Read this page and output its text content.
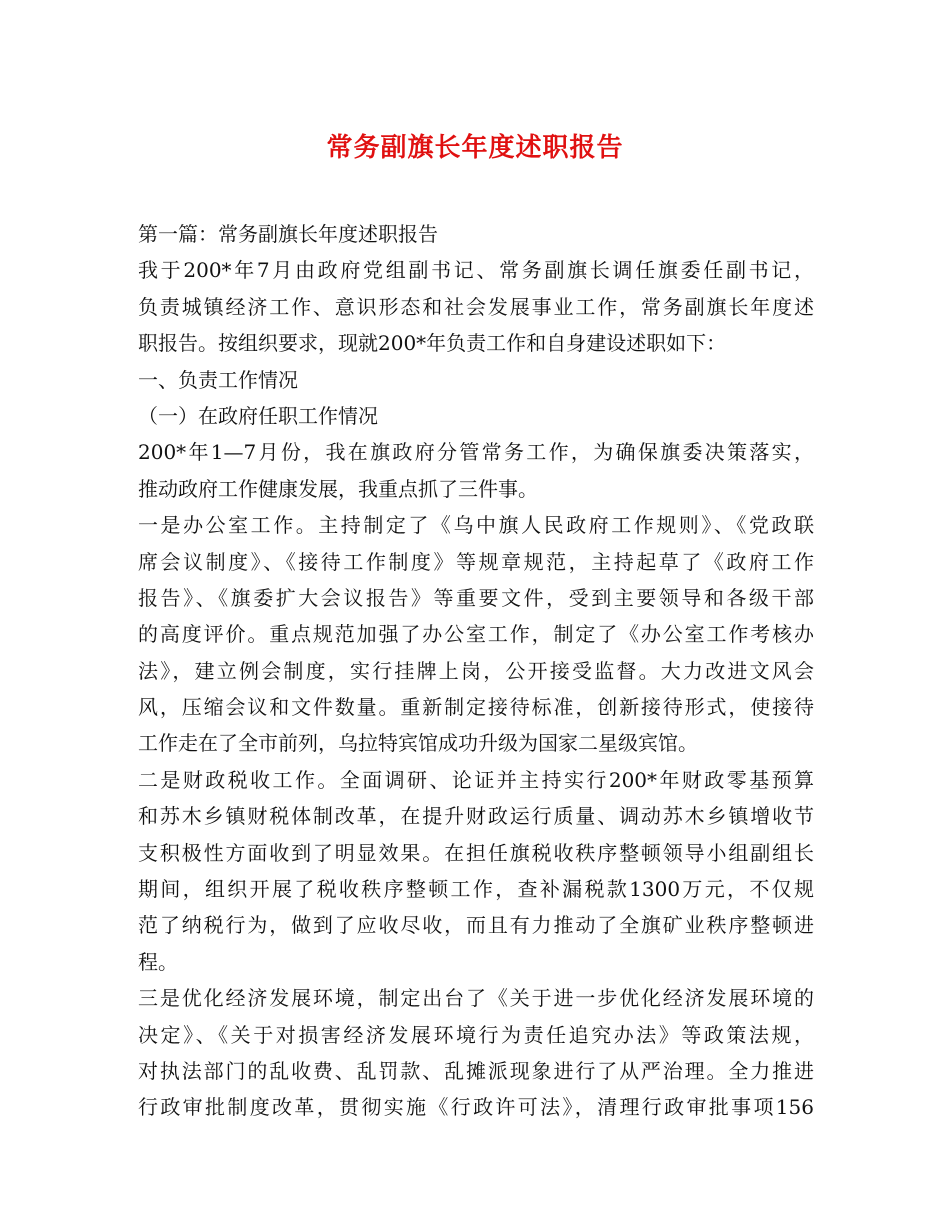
常务副旗长年度述职报告
第一篇：常务副旗长年度述职报告
我于200*年7月由政府党组副书记、常务副旗长调任旗委任副书记，
负责城镇经济工作、意识形态和社会发展事业工作，常务副旗长年度述
职报告。按组织要求，现就200*年负责工作和自身建设述职如下：
一、负责工作情况
（一）在政府任职工作情况
200*年1—7月份，我在旗政府分管常务工作，为确保旗委决策落实，
推动政府工作健康发展，我重点抓了三件事。
一是办公室工作。主持制定了《乌中旗人民政府工作规则》、《党政联
席会议制度》、《接待工作制度》等规章规范，主持起草了《政府工作
报告》、《旗委扩大会议报告》等重要文件，受到主要领导和各级干部
的高度评价。重点规范加强了办公室工作，制定了《办公室工作考核办
法》，建立例会制度，实行挂牌上岗，公开接受监督。大力改进文风会
风，压缩会议和文件数量。重新制定接待标准，创新接待形式，使接待
工作走在了全市前列，乌拉特宾馆成功升级为国家二星级宾馆。
二是财政税收工作。全面调研、论证并主持实行200*年财政零基预算
和苏木乡镇财税体制改革，在提升财政运行质量、调动苏木乡镇增收节
支积极性方面收到了明显效果。在担任旗税收秩序整顿领导小组副组长
期间，组织开展了税收秩序整顿工作，查补漏税款1300万元，不仅规
范了纳税行为，做到了应收尽收，而且有力推动了全旗矿业秩序整顿进
程。
三是优化经济发展环境，制定出台了《关于进一步优化经济发展环境的
决定》、《关于对损害经济发展环境行为责任追究办法》等政策法规，
对执法部门的乱收费、乱罚款、乱摊派现象进行了从严治理。全力推进
行政审批制度改革，贯彻实施《行政许可法》，清理行政审批事项156
